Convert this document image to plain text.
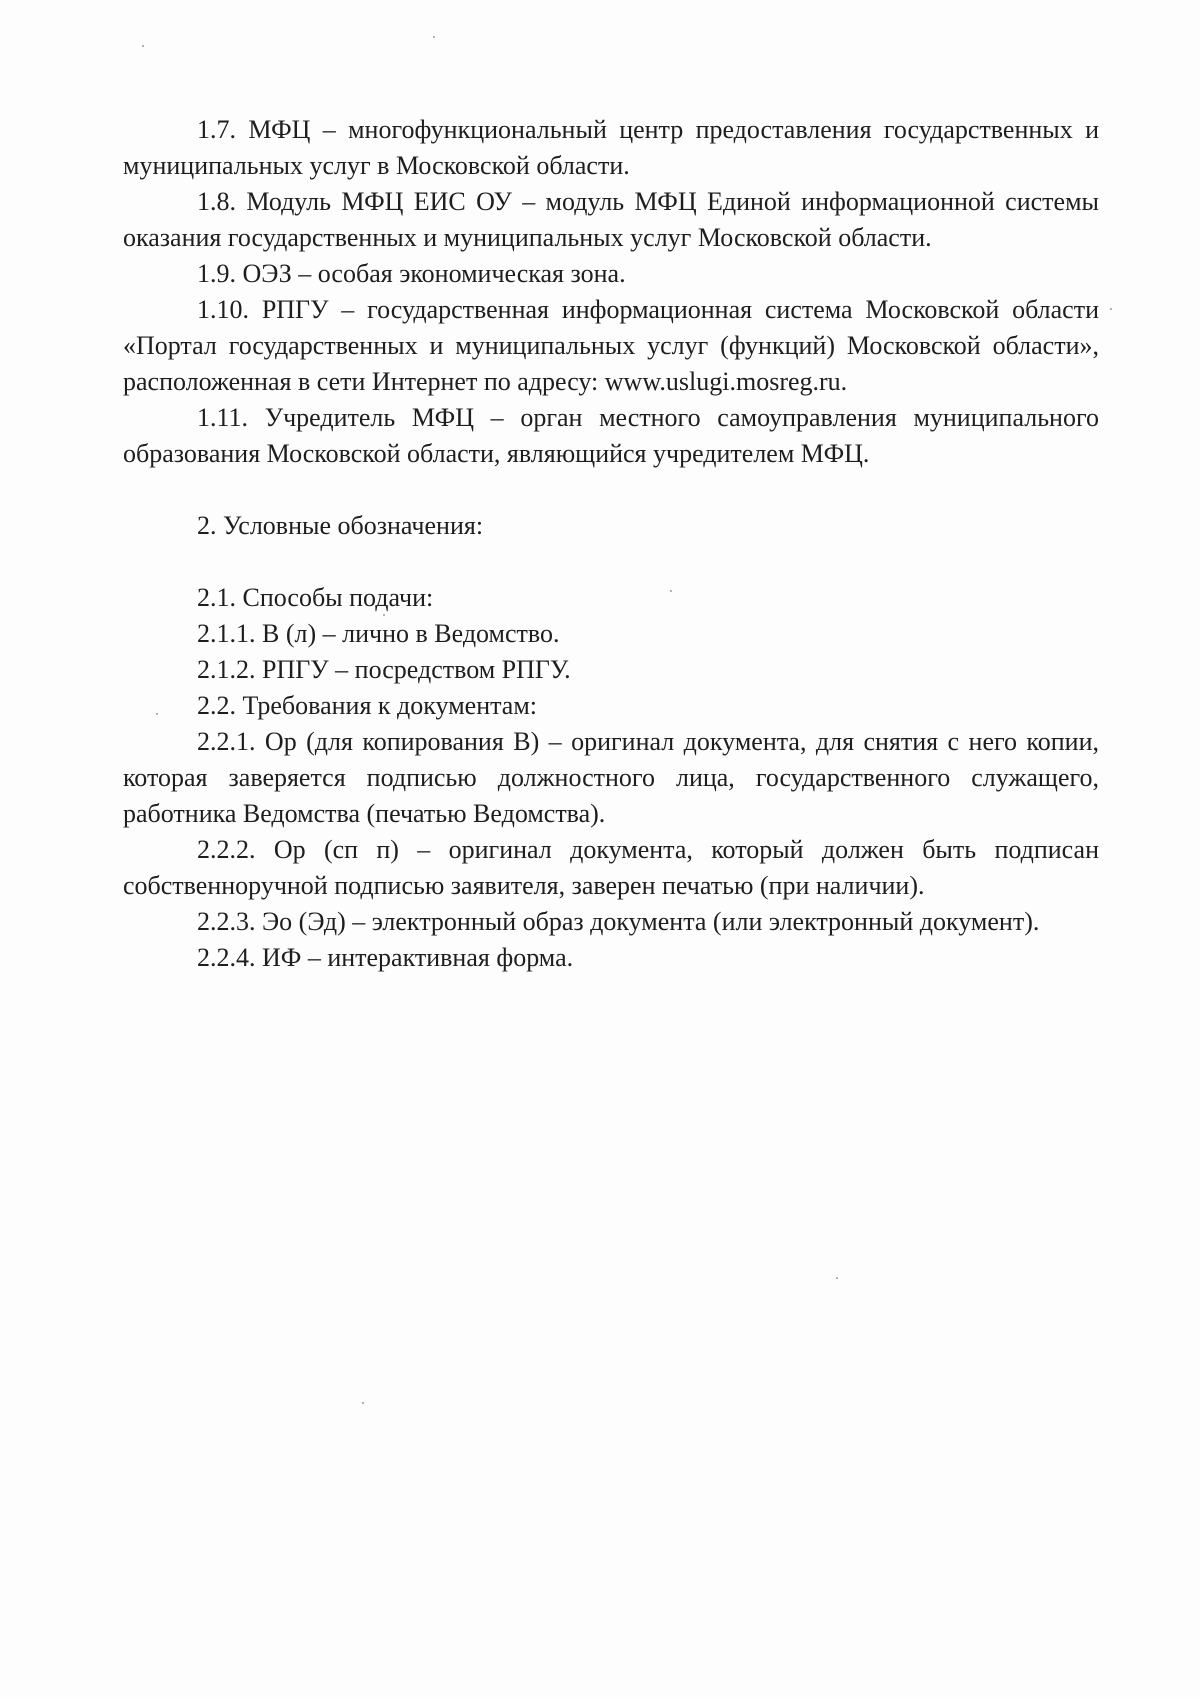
1.7. МФЦ – многофункциональный центр предоставления государственных и муниципальных услуг в Московской области.

1.8. Модуль МФЦ ЕИС ОУ – модуль МФЦ Единой информационной системы оказания государственных и муниципальных услуг Московской области.

1.9. ОЭЗ – особая экономическая зона.

1.10. РПГУ – государственная информационная система Московской области «Портал государственных и муниципальных услуг (функций) Московской области», расположенная в сети Интернет по адресу: www.uslugi.mosreg.ru.

1.11. Учредитель МФЦ – орган местного самоуправления муниципального образования Московской области, являющийся учредителем МФЦ.

2. Условные обозначения:

2.1. Способы подачи:

2.1.1. В (л) – лично в Ведомство.

2.1.2. РПГУ – посредством РПГУ.

2.2. Требования к документам:

2.2.1. Ор (для копирования В) – оригинал документа, для снятия с него копии, которая заверяется подписью должностного лица, государственного служащего, работника Ведомства (печатью Ведомства).

2.2.2. Ор (сп п) – оригинал документа, который должен быть подписан собственноручной подписью заявителя, заверен печатью (при наличии).

2.2.3. Эо (Эд) – электронный образ документа (или электронный документ).

2.2.4. ИФ – интерактивная форма.
